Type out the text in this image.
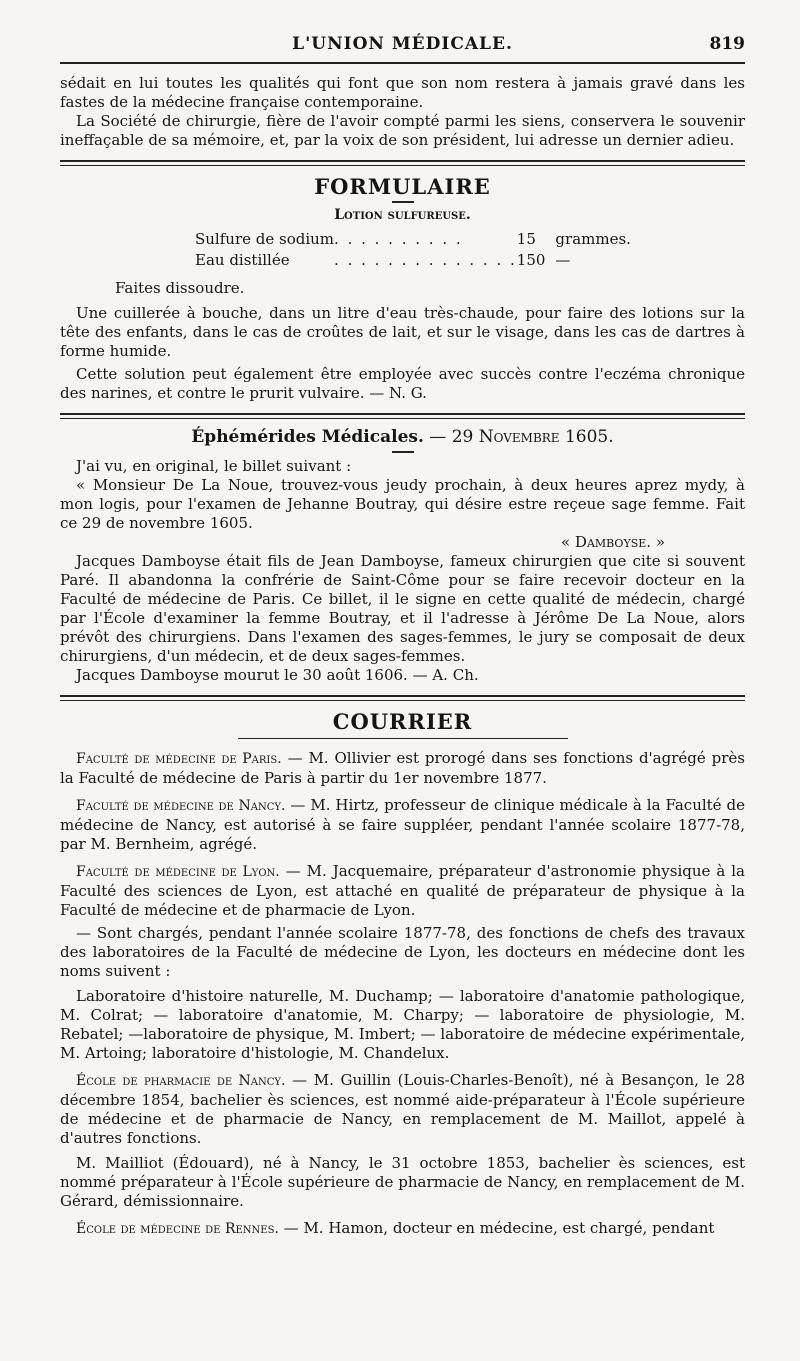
L'UNION MÉDICALE.	819

sédait en lui toutes les qualités qui font que son nom restera à jamais gravé dans les fastes de la médecine française contemporaine.

La Société de chirurgie, fière de l'avoir compté parmi les siens, conservera le souvenir ineffaçable de sa mémoire, et, par la voix de son président, lui adresse un dernier adieu.

FORMULAIRE
Lotion sulfureuse.
Sulfure de sodium	. . . . . . . . . .	15	grammes.
Eau distillée	. . . . . . . . . . . . . .	150	—

Faites dissoudre.

Une cuillerée à bouche, dans un litre d'eau très-chaude, pour faire des lotions sur la tête des enfants, dans le cas de croûtes de lait, et sur le visage, dans les cas de dartres à forme humide.

Cette solution peut également être employée avec succès contre l'eczéma chronique des narines, et contre le prurit vulvaire. — N. G.

Éphémérides Médicales. — 29 Novembre 1605.

J'ai vu, en original, le billet suivant :

« Monsieur De La Noue, trouvez-vous jeudy prochain, à deux heures aprez mydy, à mon logis, pour l'examen de Jehanne Boutray, qui désire estre reçeue sage femme. Fait ce 29 de novembre 1605.

« Damboyse. »

Jacques Damboyse était fils de Jean Damboyse, fameux chirurgien que cite si souvent Paré. Il abandonna la confrérie de Saint-Côme pour se faire recevoir docteur en la Faculté de médecine de Paris. Ce billet, il le signe en cette qualité de médecin, chargé par l'École d'examiner la femme Boutray, et il l'adresse à Jérôme De La Noue, alors prévôt des chirurgiens. Dans l'examen des sages-femmes, le jury se composait de deux chirurgiens, d'un médecin, et de deux sages-femmes.

Jacques Damboyse mourut le 30 août 1606. — A. Ch.

COURRIER

Faculté de médecine de Paris. — M. Ollivier est prorogé dans ses fonctions d'agrégé près la Faculté de médecine de Paris à partir du 1er novembre 1877.

Faculté de médecine de Nancy. — M. Hirtz, professeur de clinique médicale à la Faculté de médecine de Nancy, est autorisé à se faire suppléer, pendant l'année scolaire 1877-78, par M. Bernheim, agrégé.

Faculté de médecine de Lyon. — M. Jacquemaire, préparateur d'astronomie physique à la Faculté des sciences de Lyon, est attaché en qualité de préparateur de physique à la Faculté de médecine et de pharmacie de Lyon.

— Sont chargés, pendant l'année scolaire 1877-78, des fonctions de chefs des travaux des laboratoires de la Faculté de médecine de Lyon, les docteurs en médecine dont les noms suivent :

Laboratoire d'histoire naturelle, M. Duchamp; — laboratoire d'anatomie pathologique, M. Colrat; — laboratoire d'anatomie, M. Charpy; — laboratoire de physiologie, M. Rebatel; —laboratoire de physique, M. Imbert; — laboratoire de médecine expérimentale, M. Artoing; laboratoire d'histologie, M. Chandelux.

École de pharmacie de Nancy. — M. Guillin (Louis-Charles-Benoît), né à Besançon, le 28 décembre 1854, bachelier ès sciences, est nommé aide-préparateur à l'École supérieure de médecine et de pharmacie de Nancy, en remplacement de M. Maillot, appelé à d'autres fonctions.

M. Mailliot (Édouard), né à Nancy, le 31 octobre 1853, bachelier ès sciences, est nommé préparateur à l'École supérieure de pharmacie de Nancy, en remplacement de M. Gérard, démissionnaire.

École de médecine de Rennes. — M. Hamon, docteur en médecine, est chargé, pendant
